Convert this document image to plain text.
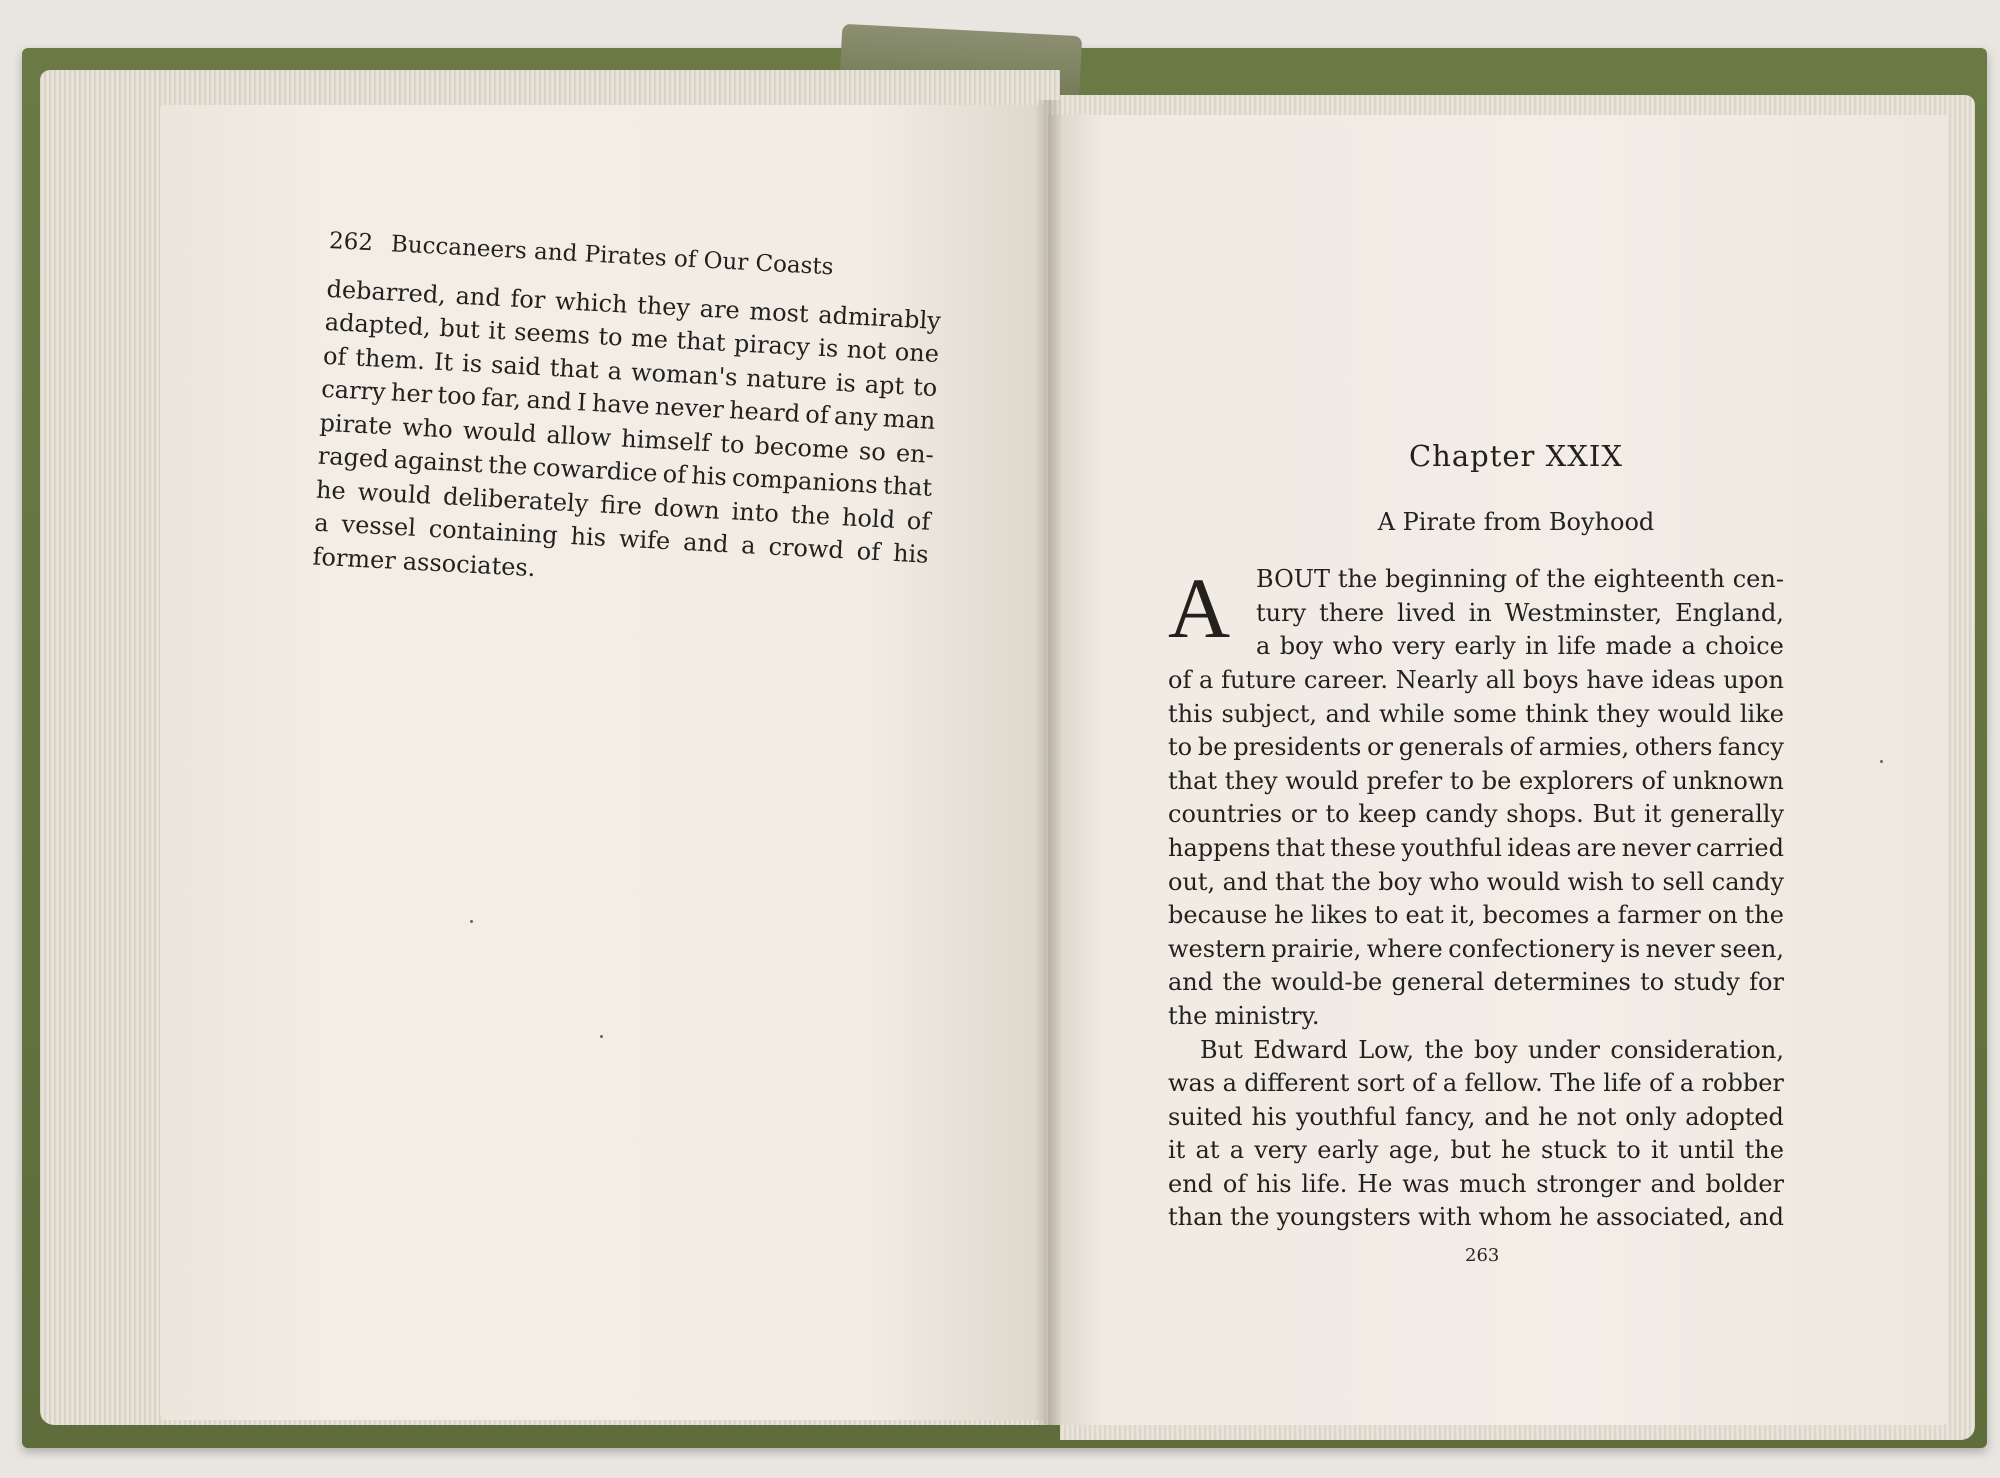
262 Buccaneers and Pirates of Our Coasts
debarred, and for which they are most admirably
adapted, but it seems to me that piracy is not one
of them. It is said that a woman's nature is apt to
carry her too far, and I have never heard of any man
pirate who would allow himself to become so en-
raged against the cowardice of his companions that
he would deliberately fire down into the hold of
a vessel containing his wife and a crowd of his
former associates.
Chapter XXIX
A Pirate from Boyhood
A BOUT the beginning of the eighteenth cen-
tury there lived in Westminster, England,
a boy who very early in life made a choice
of a future career. Nearly all boys have ideas upon
this subject, and while some think they would like
to be presidents or generals of armies, others fancy
that they would prefer to be explorers of unknown
countries or to keep candy shops. But it generally
happens that these youthful ideas are never carried
out, and that the boy who would wish to sell candy
because he likes to eat it, becomes a farmer on the
western prairie, where confectionery is never seen,
and the would-be general determines to study for
the ministry.
But Edward Low, the boy under consideration,
was a different sort of a fellow. The life of a robber
suited his youthful fancy, and he not only adopted
it at a very early age, but he stuck to it until the
end of his life. He was much stronger and bolder
than the youngsters with whom he associated, and
263
